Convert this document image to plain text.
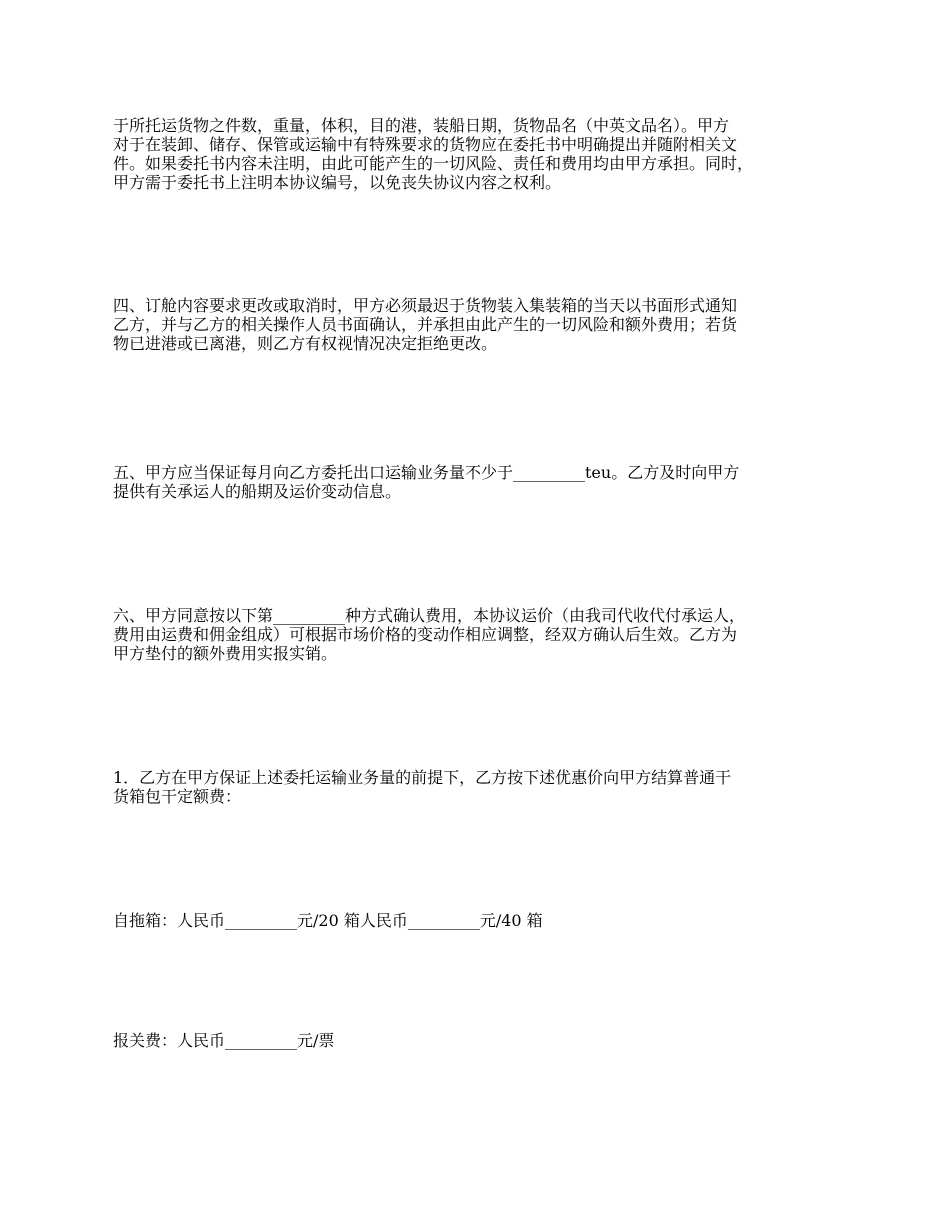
于所托运货物之件数，重量，体积，目的港，装船日期，货物品名（中英文品名）。甲方
对于在装卸、储存、保管或运输中有特殊要求的货物应在委托书中明确提出并随附相关文
件。如果委托书内容未注明，由此可能产生的一切风险、责任和费用均由甲方承担。同时，
甲方需于委托书上注明本协议编号，以免丧失协议内容之权利。

四、订舱内容要求更改或取消时，甲方必须最迟于货物装入集装箱的当天以书面形式通知
乙方，并与乙方的相关操作人员书面确认，并承担由此产生的一切风险和额外费用；若货
物已进港或已离港，则乙方有权视情况决定拒绝更改。

五、甲方应当保证每月向乙方委托出口运输业务量不少于_________teu。乙方及时向甲方
提供有关承运人的船期及运价变动信息。

六、甲方同意按以下第_________种方式确认费用，本协议运价（由我司代收代付承运人，
费用由运费和佣金组成）可根据市场价格的变动作相应调整，经双方确认后生效。乙方为
甲方垫付的额外费用实报实销。

1．乙方在甲方保证上述委托运输业务量的前提下，乙方按下述优惠价向甲方结算普通干
货箱包干定额费：

自拖箱：人民币_________元/20 箱人民币_________元/40 箱

报关费：人民币_________元/票
